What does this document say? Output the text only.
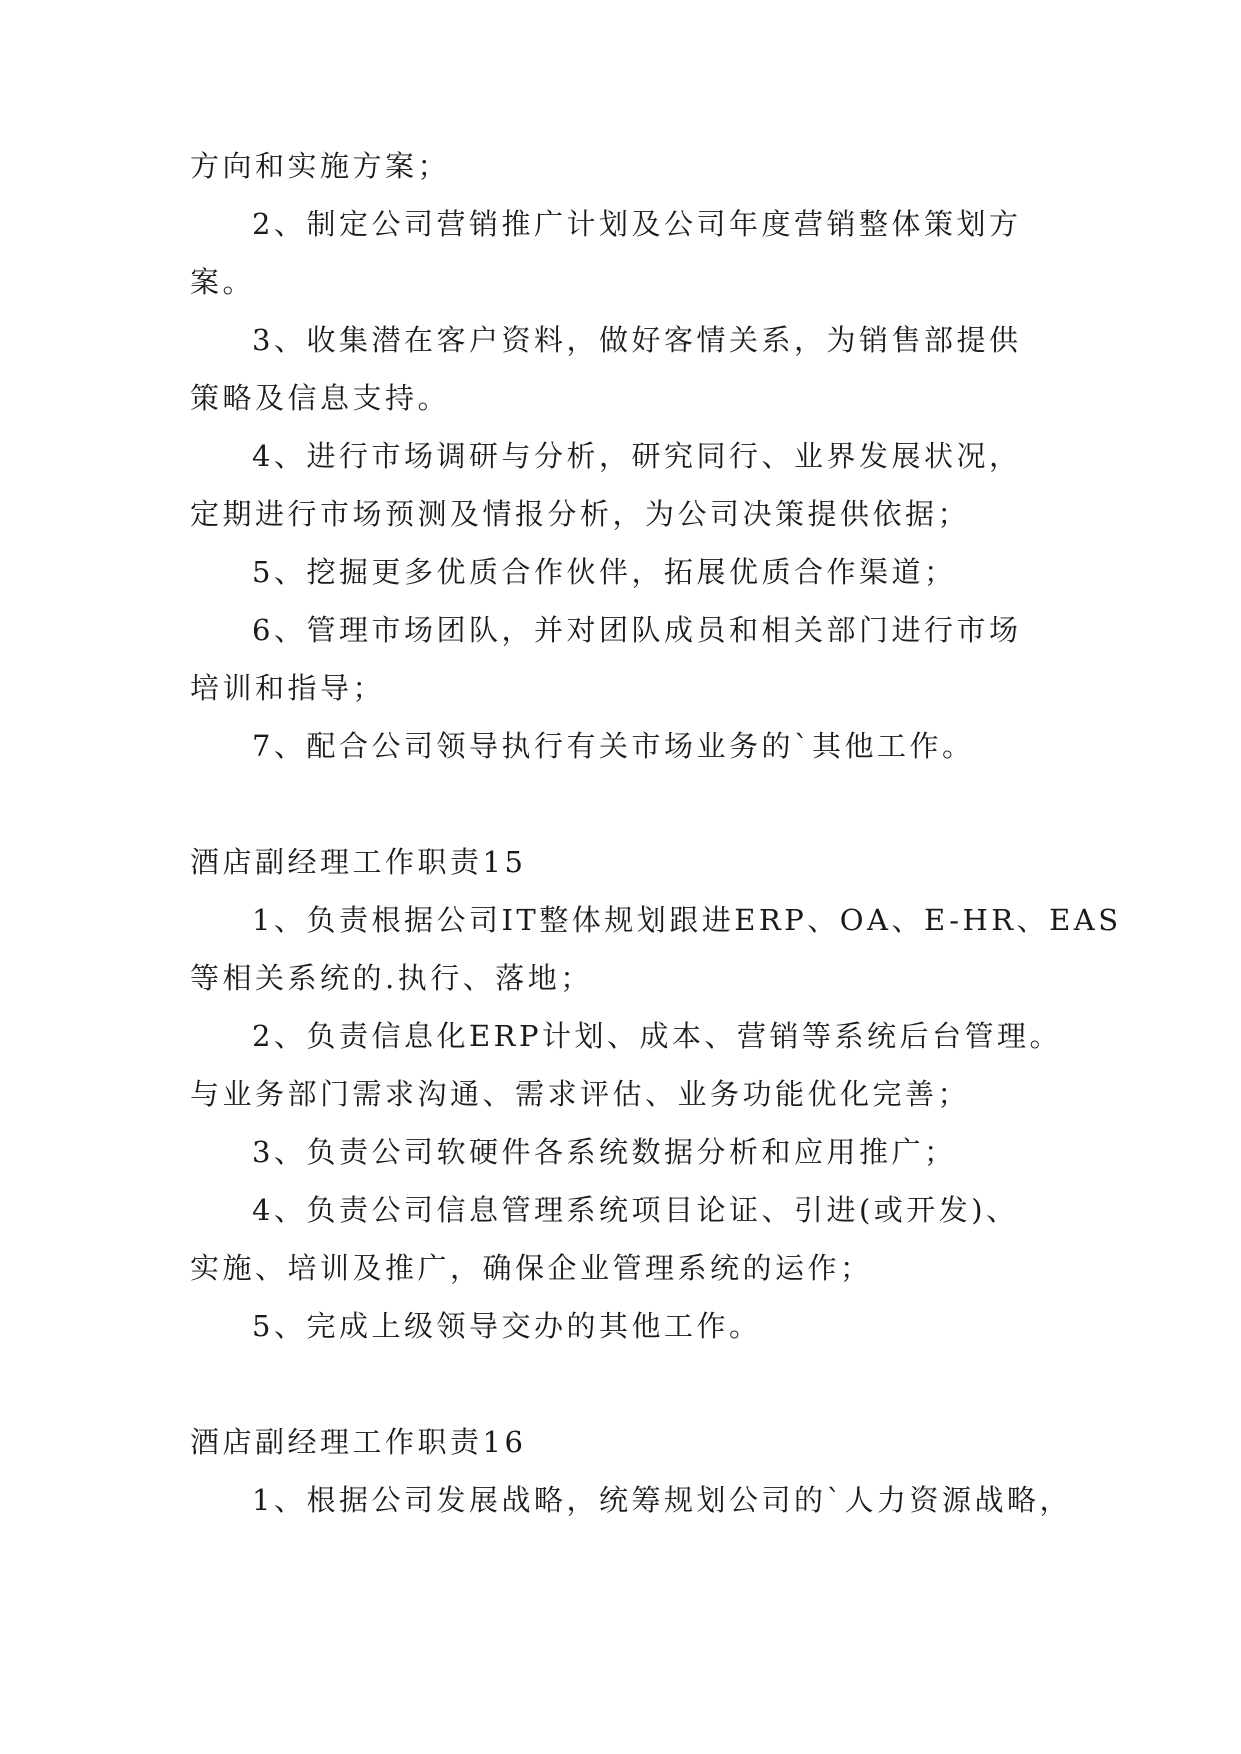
方向和实施方案；
2、制定公司营销推广计划及公司年度营销整体策划方
案。
3、收集潜在客户资料，做好客情关系，为销售部提供
策略及信息支持。
4、进行市场调研与分析，研究同行、业界发展状况，
定期进行市场预测及情报分析，为公司决策提供依据；
5、挖掘更多优质合作伙伴，拓展优质合作渠道；
6、管理市场团队，并对团队成员和相关部门进行市场
培训和指导；
7、配合公司领导执行有关市场业务的`其他工作。
酒店副经理工作职责15
1、负责根据公司IT整体规划跟进ERP、OA、E-HR、EAS
等相关系统的.执行、落地；
2、负责信息化ERP计划、成本、营销等系统后台管理。
与业务部门需求沟通、需求评估、业务功能优化完善；
3、负责公司软硬件各系统数据分析和应用推广；
4、负责公司信息管理系统项目论证、引进(或开发)、
实施、培训及推广，确保企业管理系统的运作；
5、完成上级领导交办的其他工作。
酒店副经理工作职责16
1、根据公司发展战略，统筹规划公司的`人力资源战略，
